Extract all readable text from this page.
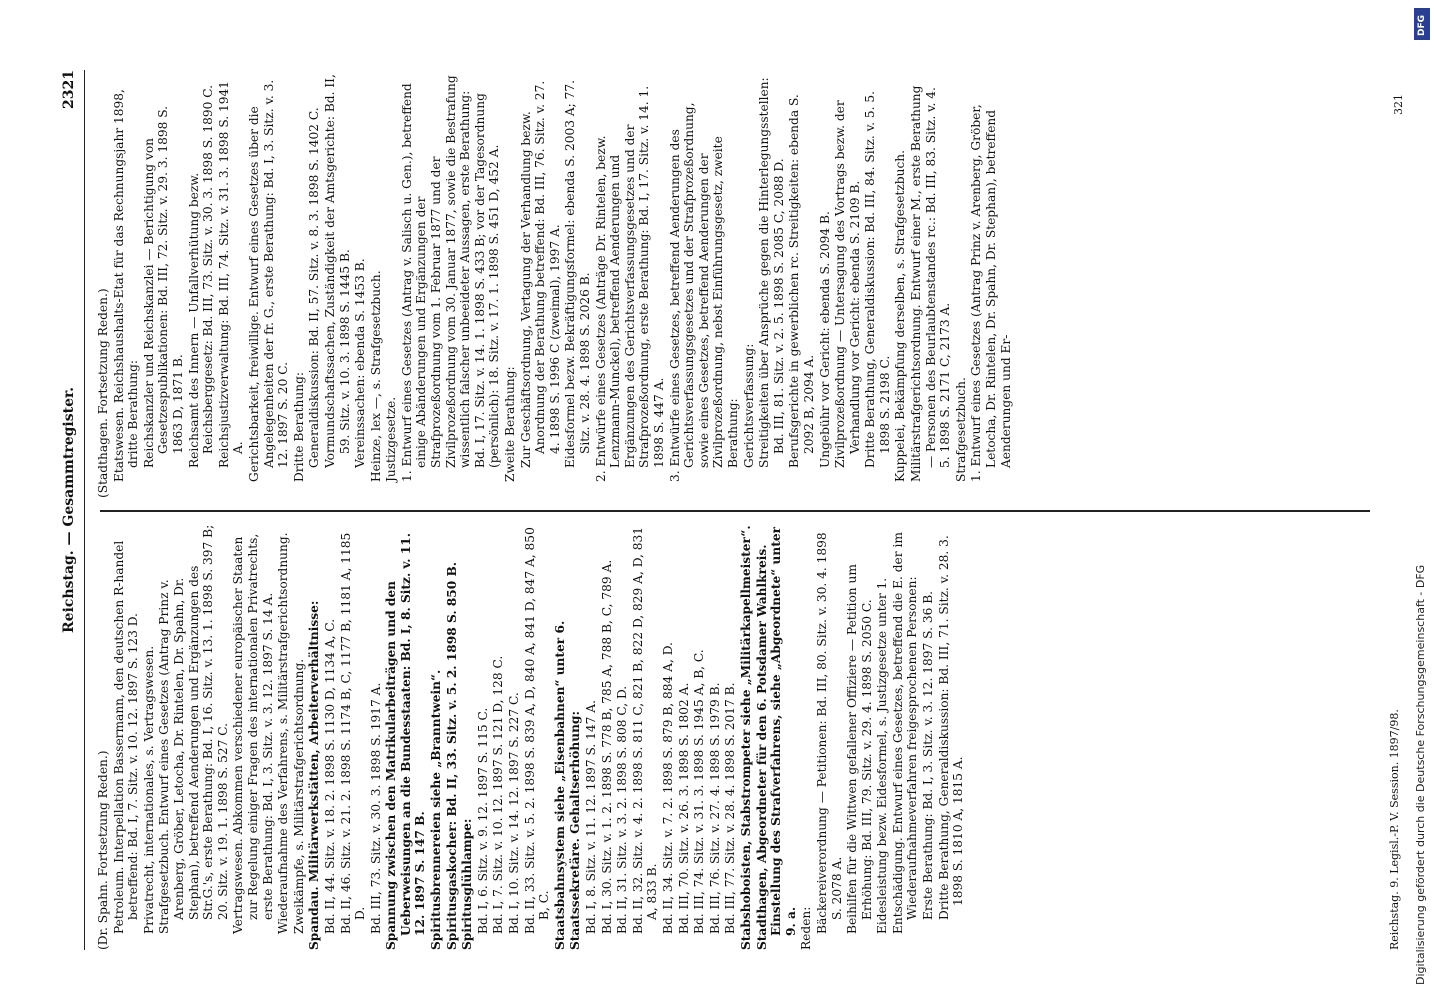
Reichstag. — Gesammtregister.
2321
(Dr. Spahn. Fortsetzung Reden.) Petroleum. Interpellation Bassermann, den deutschen R-handel betreffend: Bd. I, 7. Sitz. v. 10. 12. 1897 S. 123 D. Privatrecht, internationales, s. Vertragswesen. Strafgesetzbuch. Entwurf eines Gesetzes (Antrag Prinz v. Arenberg, Gröber, Letocha, Dr. Rintelen, Dr. Spahn, Dr. Stephan), betreffend Aenderungen und Ergänzungen des Str.G.'s, erste Berathung: Bd. I, 16. Sitz. v. 13. 1. 1898 S. 397 B; 20. Sitz. v. 19. 1. 1898 S. 527 C. Vertragswesen. Abkommen verschiedener europäischer Staaten zur Regelung einiger Fragen des internationalen Privatrechts, erste Berathung: Bd. I, 3. Sitz. v. 3. 12. 1897 S. 14 A. Wiederaufnahme des Verfahrens, s. Militärstrafgerichtsordnung. Zweikämpfe, s. Militärstrafgerichtsordnung. Spandau. Militärwerkstätten, Arbeiterverhältnisse: Bd. II, 44. Sitz. v. 18. 2. 1898 S. 1130 D, 1134 A, C. Bd. II, 46. Sitz. v. 21. 2. 1898 S. 1174 B, C, 1177 B, 1181 A, 1185 D. Bd. III, 73. Sitz. v. 30. 3. 1898 S. 1917 A. Spannung zwischen den Matrikularbeiträgen und den Ueberweisungen an die Bundesstaaten: Bd. I, 8. Sitz. v. 11. 12. 1897 S. 147 B. Spiritusbrennereien siehe „Branntwein“. Spiritusgaskocher: Bd. II, 33. Sitz. v. 5. 2. 1898 S. 850 B. Spiritusglühlampe: Bd. I, 6. Sitz. v. 9. 12. 1897 S. 115 C. Bd. I, 7. Sitz. v. 10. 12. 1897 S. 121 D, 128 C. Bd. I, 10. Sitz. v. 14. 12. 1897 S. 227 C. Bd. II, 33. Sitz. v. 5. 2. 1898 S. 839 A, D, 840 A, 841 D, 847 A, 850 B, C. Staatsbahnsystem siehe „Eisenbahnen“ unter 6. Staatssekretäre. Gehaltserhöhung: Bd. I, 8. Sitz. v. 11. 12. 1897 S. 147 A. Bd. I, 30. Sitz. v. 1. 2. 1898 S. 778 B, 785 A, 788 B, C, 789 A. Bd. II, 31. Sitz. v. 3. 2. 1898 S. 808 C, D. Bd. II, 32. Sitz. v. 4. 2. 1898 S. 811 C, 821 B, 822 D, 829 A, D, 831 A, 833 B. Bd. II, 34. Sitz. v. 7. 2. 1898 S. 879 B, 884 A, D. Bd. III, 70. Sitz. v. 26. 3. 1898 S. 1802 A. Bd. III, 74. Sitz. v. 31. 3. 1898 S. 1945 A, B, C. Bd. III, 76. Sitz. v. 27. 4. 1898 S. 1979 B. Bd. III, 77. Sitz. v. 28. 4. 1898 S. 2017 B. Stabshoboisten, Stabstrompeter siehe „Militärkapellmeister“. Stadthagen, Abgeordneter für den 6. Potsdamer Wahlkreis. Einstellung des Strafverfahrens, siehe „Abgeordnete“ unter 9. a. Reden: Bäckereiverordnung — Petitionen: Bd. III, 80. Sitz. v. 30. 4. 1898 S. 2078 A. Beihilfen für die Wittwen gefallener Offiziere — Petition um Erhöhung: Bd. III, 79. Sitz. v. 29. 4. 1898 S. 2050 C. Eidesleistung bezw. Eidesformel, s. Justizgesetze unter 1. Entschädigung. Entwurf eines Gesetzes, betreffend die E. der im Wiederaufnahmeverfahren freigesprochenen Personen: Erste Berathung: Bd. I, 3. Sitz. v. 3. 12. 1897 S. 36 B. Dritte Berathung, Generaldiskussion: Bd. III, 71. Sitz. v. 28. 3. 1898 S. 1810 A, 1815 A.
(Stadthagen. Fortsetzung Reden.) Etatswesen. Reichshaushalts-Etat für das Rechnungsjahr 1898, dritte Berathung: Reichskanzler und Reichskanzlei — Berichtigung von Gesetzespublikationen: Bd. III, 72. Sitz. v. 29. 3. 1898 S. 1863 D, 1871 B. Reichsamt des Innern — Unfallverhütung bezw. Reichsberggesetz: Bd. III, 73. Sitz. v. 30. 3. 1898 S. 1890 C. Reichsjustizverwaltung: Bd. III, 74. Sitz. v. 31. 3. 1898 S. 1941 A. Gerichtsbarkeit, freiwillige. Entwurf eines Gesetzes über die Angelegenheiten der fr. G., erste Berathung: Bd. I, 3. Sitz. v. 3. 12. 1897 S. 20 C. Dritte Berathung: Generaldiskussion: Bd. II, 57. Sitz. v. 8. 3. 1898 S. 1402 C. Vormundschaftssachen, Zuständigkeit der Amtsgerichte: Bd. II, 59. Sitz. v. 10. 3. 1898 S. 1445 B. Vereinssachen: ebenda S. 1453 B. Heinze, lex —, s. Strafgesetzbuch. Justizgesetze. 1. Entwurf eines Gesetzes (Antrag v. Salisch u. Gen.), betreffend einige Abänderungen und Ergänzungen der Strafprozeßordnung vom 1. Februar 1877 und der Zivilprozeßordnung vom 30. Januar 1877, sowie die Bestrafung wissentlich falscher unbeeideter Aussagen, erste Berathung: Bd. I, 17. Sitz. v. 14. 1. 1898 S. 433 B; vor der Tagesordnung (persönlich): 18. Sitz. v. 17. 1. 1898 S. 451 D, 452 A. Zweite Berathung: Zur Geschäftsordnung, Vertagung der Verhandlung bezw. Anordnung der Berathung betreffend: Bd. III, 76. Sitz. v. 27. 4. 1898 S. 1996 C (zweimal), 1997 A. Eidesformel bezw. Bekräftigungsformel: ebenda S. 2003 A; 77. Sitz. v. 28. 4. 1898 S. 2026 B. 2. Entwürfe eines Gesetzes (Anträge Dr. Rintelen, bezw. Lenzmann-Munckel), betreffend Aenderungen und Ergänzungen des Gerichtsverfassungsgesetzes und der Strafprozeßordnung, erste Berathung: Bd. I, 17. Sitz. v. 14. 1. 1898 S. 447 A. 3. Entwürfe eines Gesetzes, betreffend Aenderungen des Gerichtsverfassungsgesetzes und der Strafprozeßordnung, sowie eines Gesetzes, betreffend Aenderungen der Zivilprozeßordnung, nebst Einführungsgesetz, zweite Berathung: Gerichtsverfassung: Streitigkeiten über Ansprüche gegen die Hinterlegungsstellen: Bd. III, 81. Sitz. v. 2. 5. 1898 S. 2085 C, 2088 D. Berufsgerichte in gewerblichen rc. Streitigkeiten: ebenda S. 2092 B, 2094 A. Ungebühr vor Gericht: ebenda S. 2094 B. Zivilprozeßordnung — Untersagung des Vortrags bezw. der Verhandlung vor Gericht: ebenda S. 2109 B. Dritte Berathung, Generaldiskussion: Bd. III, 84. Sitz. v. 5. 5. 1898 S. 2198 C. Kuppelei, Bekämpfung derselben, s. Strafgesetzbuch. Militärstrafgerichtsordnung. Entwurf einer M., erste Berathung — Personen des Beurlaubtenstandes rc.: Bd. III, 83. Sitz. v. 4. 5. 1898 S. 2171 C, 2173 A. Strafgesetzbuch. 1. Entwurf eines Gesetzes (Antrag Prinz v. Arenberg, Gröber, Letocha, Dr. Rintelen, Dr. Spahn, Dr. Stephan), betreffend Aenderungen und Er-
Reichstag. 9. Legisl.-P. V. Session. 1897/98.
321
Digitalisierung gefördert durch die Deutsche Forschungsgemeinschaft - DFG
DFG
